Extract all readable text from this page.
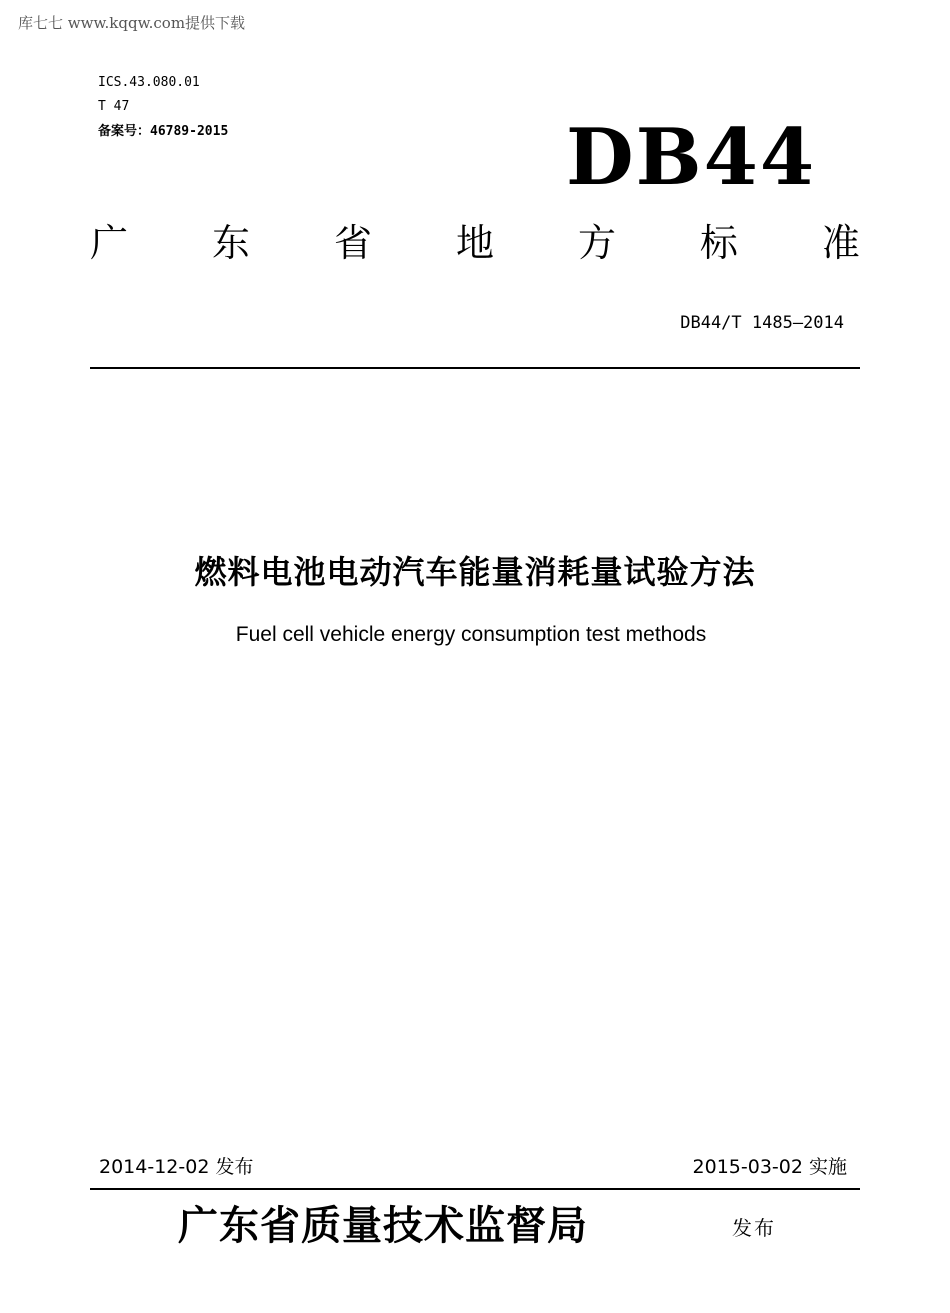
库七七 www.kqqw.com提供下载
ICS.43.080.01
T 47
备案号：46789-2015	DB44
广 东 省 地 方 标 准
DB44/T 1485—2014
燃料电池电动汽车能量消耗量试验方法
Fuel cell vehicle energy consumption test methods
2014-12-02 发布	2015-03-02 实施
广东省质量技术监督局	发布
